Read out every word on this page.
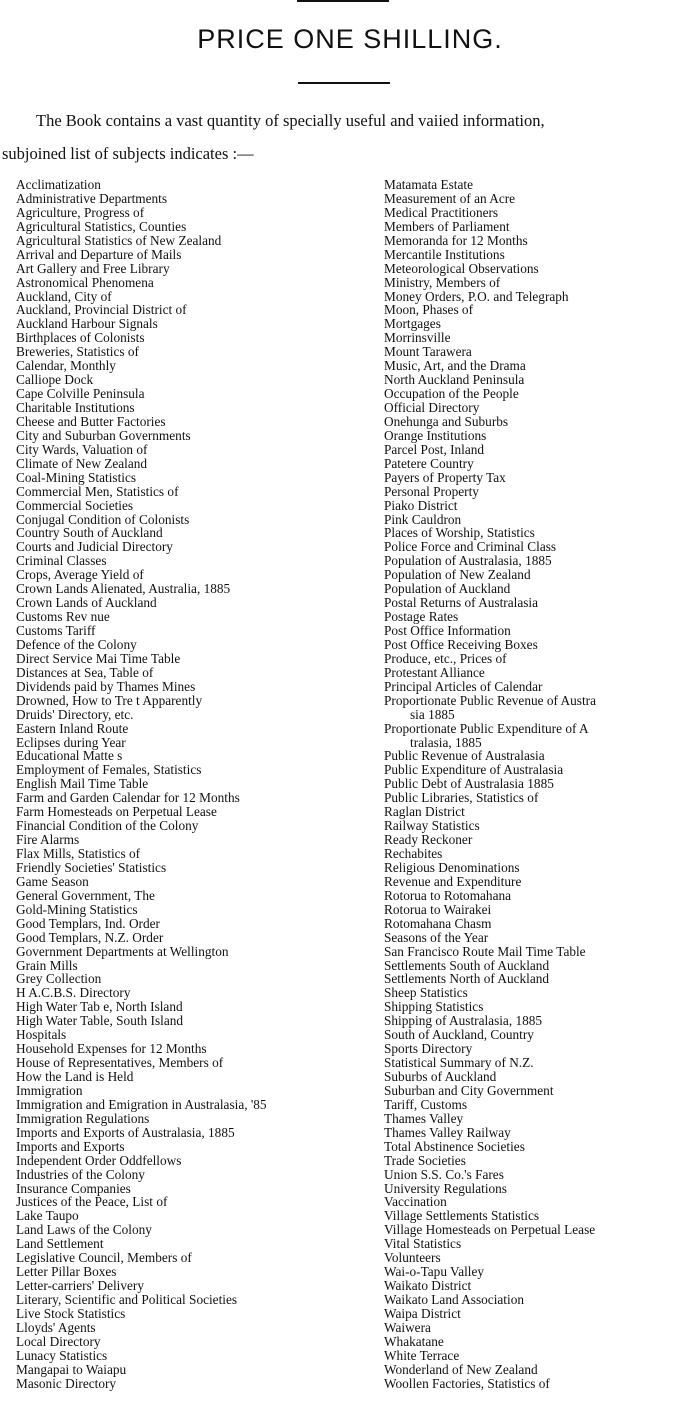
PRICE ONE SHILLING.
The Book contains a vast quantity of specially useful and vaiied information,
subjoined list of subjects indicates :—
Acclimatization
Administrative Departments
Agriculture, Progress of
Agricultural Statistics, Counties
Agricultural Statistics of New Zealand
Arrival and Departure of Mails
Art Gallery and Free Library
Astronomical Phenomena
Auckland, City of
Auckland, Provincial District of
Auckland Harbour Signals
Birthplaces of Colonists
Breweries, Statistics of
Calendar, Monthly
Calliope Dock
Cape Colville Peninsula
Charitable Institutions
Cheese and Butter Factories
City and Suburban Governments
City Wards, Valuation of
Climate of New Zealand
Coal-Mining Statistics
Commercial Men, Statistics of
Commercial Societies
Conjugal Condition of Colonists
Country South of Auckland
Courts and Judicial Directory
Criminal Classes
Crops, Average Yield of
Crown Lands Alienated, Australia, 1885
Crown Lands of Auckland
Customs Rev nue
Customs Tariff
Defence of the Colony
Direct Service Mai Time Table
Distances at Sea, Table of
Dividends paid by Thames Mines
Drowned, How to Tre t Apparently
Druids' Directory, etc.
Eastern Inland Route
Eclipses during Year
Educational Matte s
Employment of Females, Statistics
English Mail Time Table
Farm and Garden Calendar for 12 Months
Farm Homesteads on Perpetual Lease
Financial Condition of the Colony
Fire Alarms
Flax Mills, Statistics of
Friendly Societies' Statistics
Game Season
General Government, The
Gold-Mining Statistics
Good Templars, Ind. Order
Good Templars, N.Z. Order
Government Departments at Wellington
Grain Mills
Grey Collection
H A.C.B.S. Directory
High Water Tab e, North Island
High Water Table, South Island
Hospitals
Household Expenses for 12 Months
House of Representatives, Members of
How the Land is Held
Immigration
Immigration and Emigration in Australasia, '85
Immigration Regulations
Imports and Exports of Australasia, 1885
Imports and Exports
Independent Order Oddfellows
Industries of the Colony
Insurance Companies
Justices of the Peace, List of
Lake Taupo
Land Laws of the Colony
Land Settlement
Legislative Council, Members of
Letter Pillar Boxes
Letter-carriers' Delivery
Literary, Scientific and Political Societies
Live Stock Statistics
Lloyds' Agents
Local Directory
Lunacy Statistics
Mangapai to Waiapu
Masonic Directory
Matamata Estate
Measurement of an Acre
Medical Practitioners
Members of Parliament
Memoranda for 12 Months
Mercantile Institutions
Meteorological Observations
Ministry, Members of
Money Orders, P.O. and Telegraph
Moon, Phases of
Mortgages
Morrinsville
Mount Tarawera
Music, Art, and the Drama
North Auckland Peninsula
Occupation of the People
Official Directory
Onehunga and Suburbs
Orange Institutions
Parcel Post, Inland
Patetere Country
Payers of Property Tax
Personal Property
Piako District
Pink Cauldron
Places of Worship, Statistics
Police Force and Criminal Class
Population of Australasia, 1885
Population of New Zealand
Population of Auckland
Postal Returns of Australasia
Postage Rates
Post Office Information
Post Office Receiving Boxes
Produce, etc., Prices of
Protestant Alliance
Principal Articles of Calendar
Proportionate Public Revenue of Austra
sia 1885
Proportionate Public Expenditure of A
tralasia, 1885
Public Revenue of Australasia
Public Expenditure of Australasia
Public Debt of Australasia 1885
Public Libraries, Statistics of
Raglan District
Railway Statistics
Ready Reckoner
Rechabites
Religious Denominations
Revenue and Expenditure
Rotorua to Rotomahana
Rotorua to Wairakei
Rotomahana Chasm
Seasons of the Year
San Francisco Route Mail Time Table
Settlements South of Auckland
Settlements North of Auckland
Sheep Statistics
Shipping Statistics
Shipping of Australasia, 1885
South of Auckland, Country
Sports Directory
Statistical Summary of N.Z.
Suburbs of Auckland
Suburban and City Government
Tariff, Customs
Thames Valley
Thames Valley Railway
Total Abstinence Societies
Trade Societies
Union S.S. Co.'s Fares
University Regulations
Vaccination
Village Settlements Statistics
Village Homesteads on Perpetual Lease
Vital Statistics
Volunteers
Wai-o-Tapu Valley
Waikato District
Waikato Land Association
Waipa District
Waiwera
Whakatane
White Terrace
Wonderland of New Zealand
Woollen Factories, Statistics of
